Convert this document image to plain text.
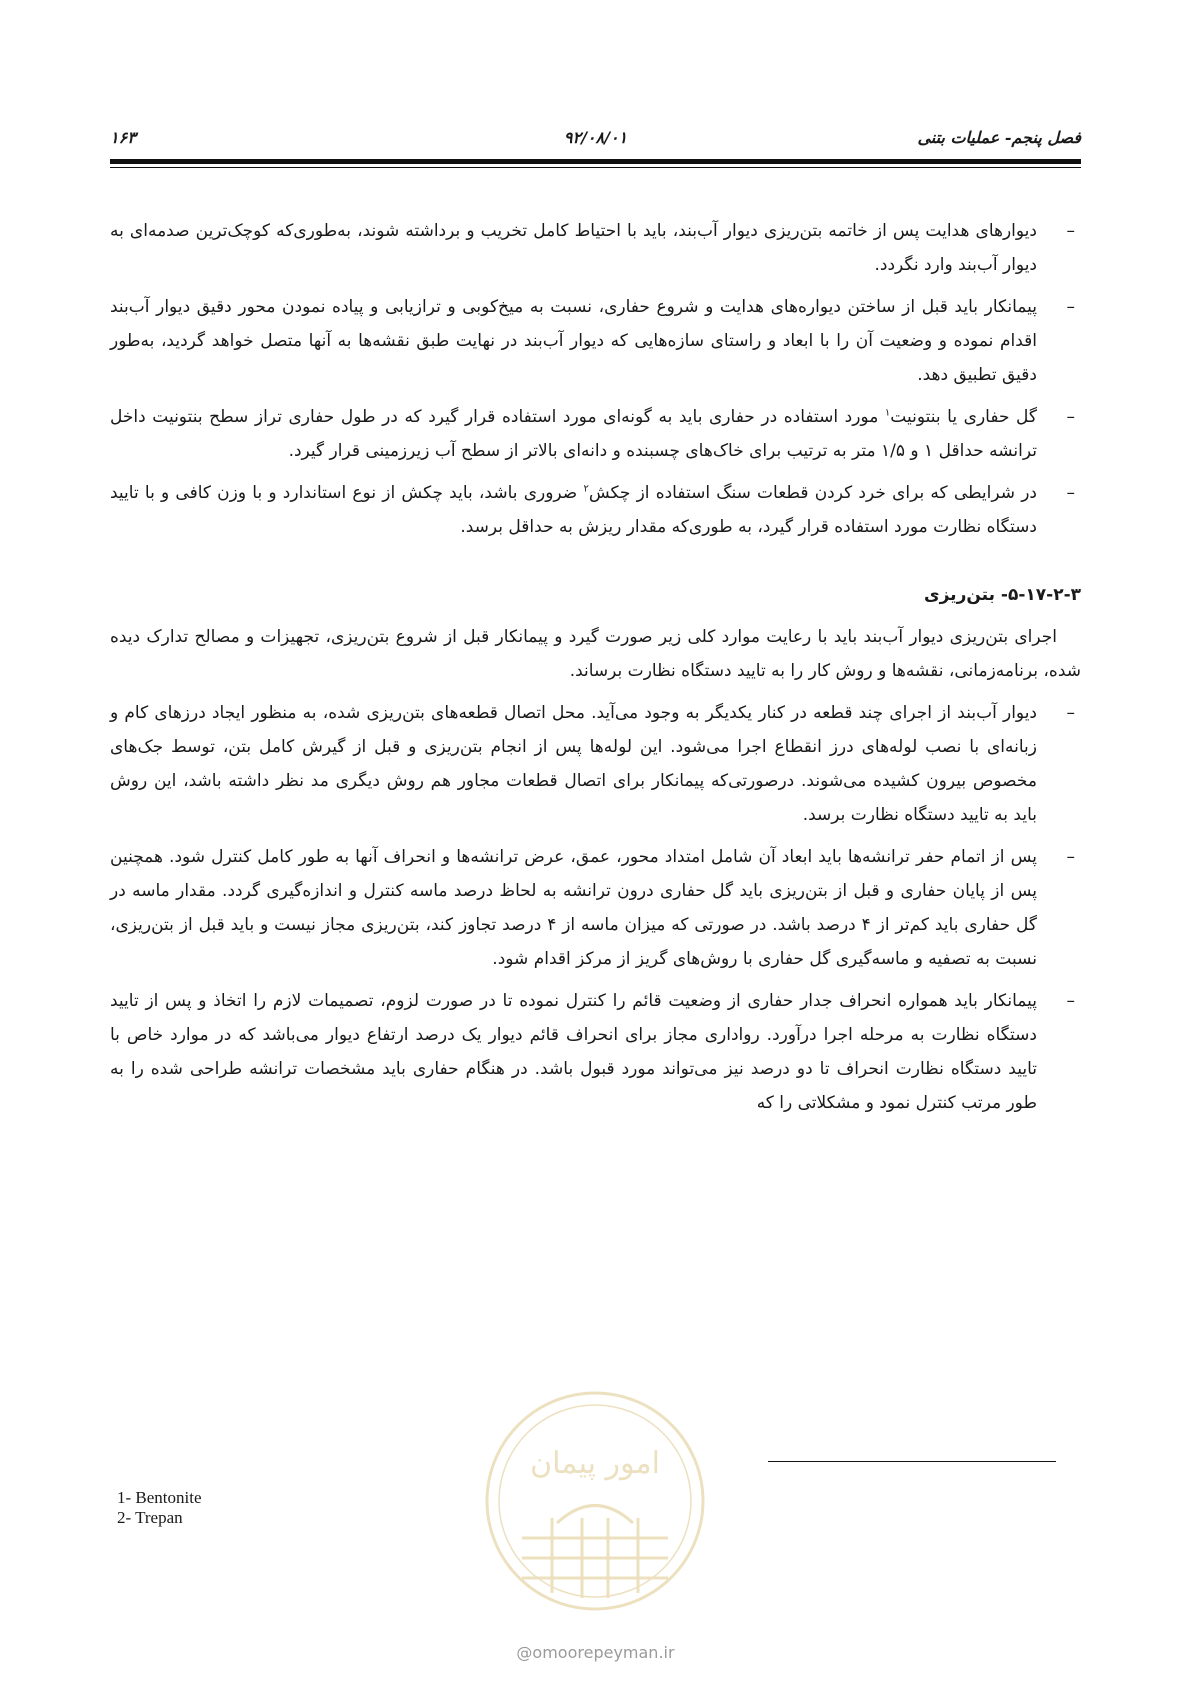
فصل پنجم- عملیات بتنی
۹۲/۰۸/۰۱
۱۶۳
–
دیوارهای هدایت پس از خاتمه بتن‌ریزی دیوار آب‌بند، باید با احتیاط کامل تخریب و برداشته شوند، به‌طوری‌که کوچک‌ترین صدمه‌ای به دیوار آب‌بند وارد نگردد.
–
پیمانکار باید قبل از ساختن دیواره‌های هدایت و شروع حفاری، نسبت به میخ‌کوبی و ترازیابی و پیاده نمودن محور دقیق دیوار آب‌بند اقدام نموده و وضعیت آن را با ابعاد و راستای سازه‌هایی که دیوار آب‌بند در نهایت طبق نقشه‌ها به آنها متصل خواهد گردید، به‌طور دقیق تطبیق دهد.
–
گل حفاری یا بنتونیت$^۱$ مورد استفاده در حفاری باید به گونه‌ای مورد استفاده قرار گیرد که در طول حفاری تراز سطح بنتونیت داخل ترانشه حداقل ۱ و ۱/۵ متر به ترتیب برای خاک‌های چسبنده و دانه‌ای بالاتر از سطح آب زیرزمینی قرار گیرد.
–
در شرایطی که برای خرد کردن قطعات سنگ استفاده از چکش$^۲$ ضروری باشد، باید چکش از نوع استاندارد و با وزن کافی و با تایید دستگاه نظارت مورد استفاده قرار گیرد، به طوری‌که مقدار ریزش به حداقل برسد.
۵-۱۷-۲-۳- بتن‌ریزی
اجرای بتن‌ریزی دیوار آب‌بند باید با رعایت موارد کلی زیر صورت گیرد و پیمانکار قبل از شروع بتن‌ریزی، تجهیزات و مصالح تدارک دیده شده، برنامه‌زمانی، نقشه‌ها و روش کار را به تایید دستگاه نظارت برساند.
–
دیوار آب‌بند از اجرای چند قطعه در کنار یکدیگر به وجود می‌آید. محل اتصال قطعه‌های بتن‌ریزی شده، به منظور ایجاد درزهای کام و زبانه‌ای با نصب لوله‌های درز انقطاع اجرا می‌شود. این لوله‌ها پس از انجام بتن‌ریزی و قبل از گیرش کامل بتن، توسط جک‌های مخصوص بیرون کشیده می‌شوند. درصورتی‌که پیمانکار برای اتصال قطعات مجاور هم روش دیگری مد نظر داشته باشد، این روش باید به تایید دستگاه نظارت برسد.
–
پس از اتمام حفر ترانشه‌ها باید ابعاد آن شامل امتداد محور، عمق، عرض ترانشه‌ها و انحراف آنها به طور کامل کنترل شود. همچنین پس از پایان حفاری و قبل از بتن‌ریزی باید گل حفاری درون ترانشه به لحاظ درصد ماسه کنترل و اندازه‌گیری گردد. مقدار ماسه در گل حفاری باید کم‌تر از ۴ درصد باشد. در صورتی که میزان ماسه از ۴ درصد تجاوز کند، بتن‌ریزی مجاز نیست و باید قبل از بتن‌ریزی، نسبت به تصفیه و ماسه‌گیری گل حفاری با روش‌های گریز از مرکز اقدام شود.
–
پیمانکار باید همواره انحراف جدار حفاری از وضعیت قائم را کنترل نموده تا در صورت لزوم، تصمیمات لازم را اتخاذ و پس از تایید دستگاه نظارت به مرحله اجرا درآورد. رواداری مجاز برای انحراف قائم دیوار یک درصد ارتفاع دیوار می‌باشد که در موارد خاص با تایید دستگاه نظارت انحراف تا دو درصد نیز می‌تواند مورد قبول باشد. در هنگام حفاری باید مشخصات ترانشه طراحی شده را به طور مرتب کنترل نمود و مشکلاتی را که
1- Bentonite
2- Trepan
امور پیمان
@omoorepeyman.ir
